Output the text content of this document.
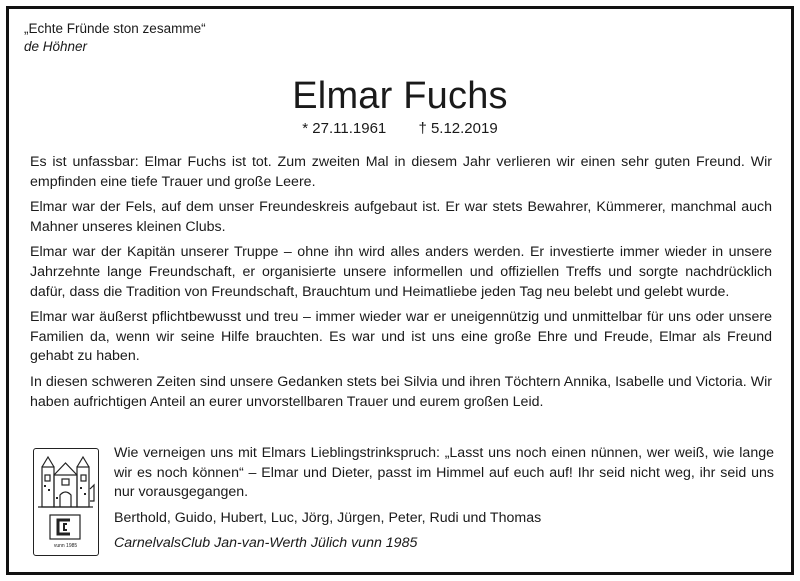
„Echte Fründe ston zesamme“
de Höhner
Elmar Fuchs
* 27.11.1961 † 5.12.2019

Es ist unfassbar: Elmar Fuchs ist tot. Zum zweiten Mal in diesem Jahr verlieren wir einen sehr guten Freund. Wir empfinden eine tiefe Trauer und große Leere.

Elmar war der Fels, auf dem unser Freundeskreis aufgebaut ist. Er war stets Bewahrer, Kümmerer, manchmal auch Mahner unseres kleinen Clubs.

Elmar war der Kapitän unserer Truppe – ohne ihn wird alles anders werden. Er investierte immer wieder in unsere Jahrzehnte lange Freundschaft, er organisierte unsere informellen und offiziellen Treffs und sorgte nachdrücklich dafür, dass die Tradition von Freundschaft, Brauchtum und Heimatliebe jeden Tag neu belebt und gelebt wurde.

Elmar war äußerst pflichtbewusst und treu – immer wieder war er uneigennützig und unmittelbar für uns oder unsere Familien da, wenn wir seine Hilfe brauchten. Es war und ist uns eine große Ehre und Freude, Elmar als Freund gehabt zu haben.

In diesen schweren Zeiten sind unsere Gedanken stets bei Silvia und ihren Töchtern Annika, Isabelle und Victoria. Wir haben aufrichtigen Anteil an eurer unvorstellbaren Trauer und eurem großen Leid.

vunn 1985

Wie verneigen uns mit Elmars Lieblingstrinkspruch: „Lasst uns noch einen nünnen, wer weiß, wie lange wir es noch können“ – Elmar und Dieter, passt im Himmel auf euch auf! Ihr seid nicht weg, ihr seid uns nur vorausgegangen.

Berthold, Guido, Hubert, Luc, Jörg, Jürgen, Peter, Rudi und Thomas

CarnelvalsClub Jan-van-Werth Jülich vunn 1985
